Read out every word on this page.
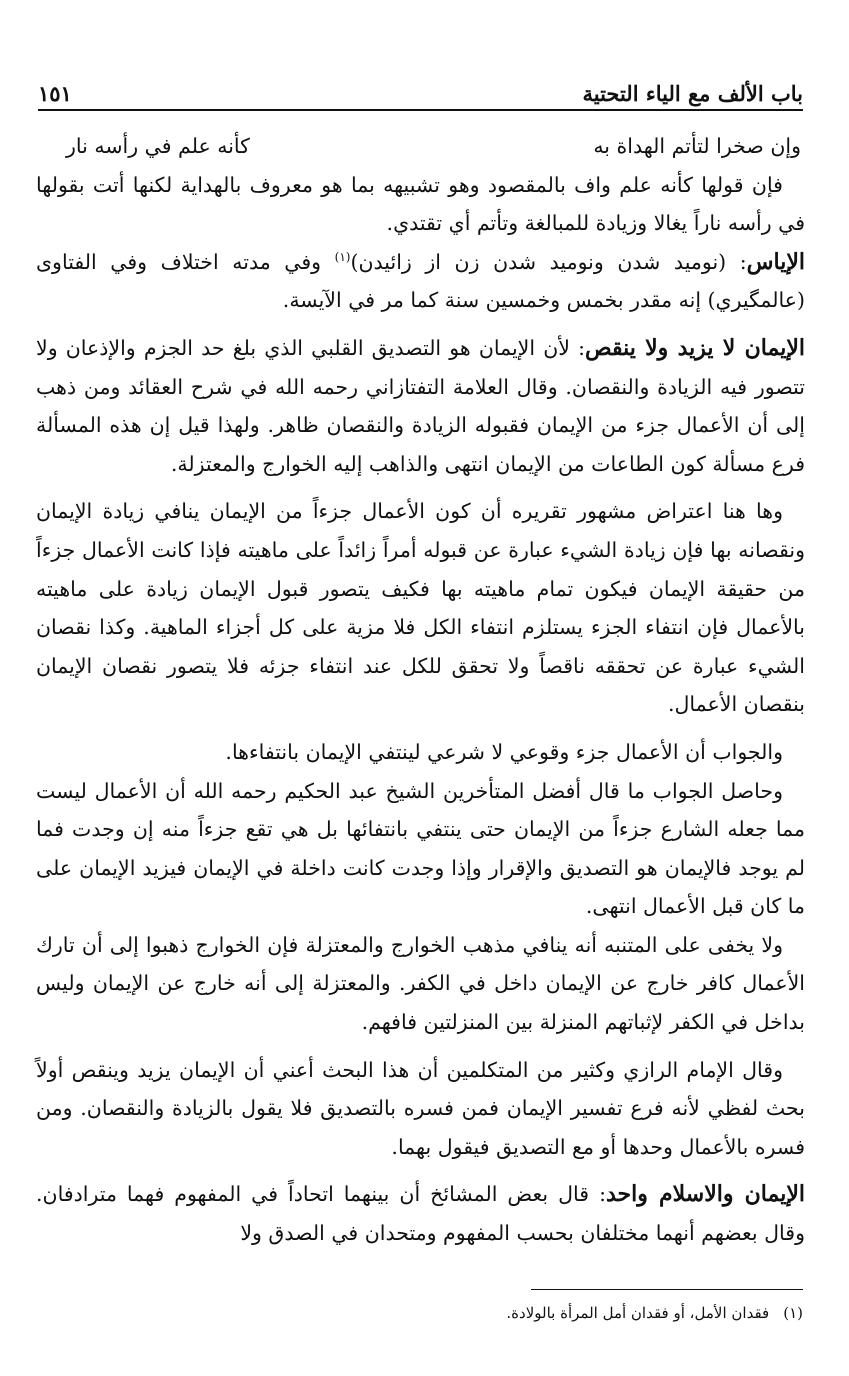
باب الألف مع الياء التحتية
١٥١
وإن صخرا لتأتم الهداة به
كأنه علم في رأسه نار

فإن قولها كأنه علم واف بالمقصود وهو تشبيهه بما هو معروف بالهداية لكنها أتت بقولها في رأسه ناراً يغالا وزيادة للمبالغة وتأتم أي تقتدي.

الإياس: (نوميد شدن ونوميد شدن زن از زائيدن)$^{(١)}$ وفي مدته اختلاف وفي الفتاوى (عالمگيري) إنه مقدر بخمس وخمسين سنة كما مر في الآيسة.

الإيمان لا يزيد ولا ينقص: لأن الإيمان هو التصديق القلبي الذي بلغ حد الجزم والإذعان ولا تتصور فيه الزيادة والنقصان. وقال العلامة التفتازاني رحمه الله في شرح العقائد ومن ذهب إلى أن الأعمال جزء من الإيمان فقبوله الزيادة والنقصان ظاهر. ولهذا قيل إن هذه المسألة فرع مسألة كون الطاعات من الإيمان انتهى والذاهب إليه الخوارج والمعتزلة.

وها هنا اعتراض مشهور تقريره أن كون الأعمال جزءاً من الإيمان ينافي زيادة الإيمان ونقصانه بها فإن زيادة الشيء عبارة عن قبوله أمراً زائداً على ماهيته فإذا كانت الأعمال جزءاً من حقيقة الإيمان فيكون تمام ماهيته بها فكيف يتصور قبول الإيمان زيادة على ماهيته بالأعمال فإن انتفاء الجزء يستلزم انتفاء الكل فلا مزية على كل أجزاء الماهية. وكذا نقصان الشيء عبارة عن تحققه ناقصاً ولا تحقق للكل عند انتفاء جزئه فلا يتصور نقصان الإيمان بنقصان الأعمال.

والجواب أن الأعمال جزء وقوعي لا شرعي لينتفي الإيمان بانتفاءها.

وحاصل الجواب ما قال أفضل المتأخرين الشيخ عبد الحكيم رحمه الله أن الأعمال ليست مما جعله الشارع جزءاً من الإيمان حتى ينتفي بانتفائها بل هي تقع جزءاً منه إن وجدت فما لم يوجد فالإيمان هو التصديق والإقرار وإذا وجدت كانت داخلة في الإيمان فيزيد الإيمان على ما كان قبل الأعمال انتهى.

ولا يخفى على المتنبه أنه ينافي مذهب الخوارج والمعتزلة فإن الخوارج ذهبوا إلى أن تارك الأعمال كافر خارج عن الإيمان داخل في الكفر. والمعتزلة إلى أنه خارج عن الإيمان وليس بداخل في الكفر لإثباتهم المنزلة بين المنزلتين فافهم.

وقال الإمام الرازي وكثير من المتكلمين أن هذا البحث أعني أن الإيمان يزيد وينقص أولاً بحث لفظي لأنه فرع تفسير الإيمان فمن فسره بالتصديق فلا يقول بالزيادة والنقصان. ومن فسره بالأعمال وحدها أو مع التصديق فيقول بهما.

الإيمان والاسلام واحد: قال بعض المشائخ أن بينهما اتحاداً في المفهوم فهما مترادفان. وقال بعضهم أنهما مختلفان بحسب المفهوم ومتحدان في الصدق ولا

(١)فقدان الأمل، أو فقدان أمل المرأة بالولادة.
